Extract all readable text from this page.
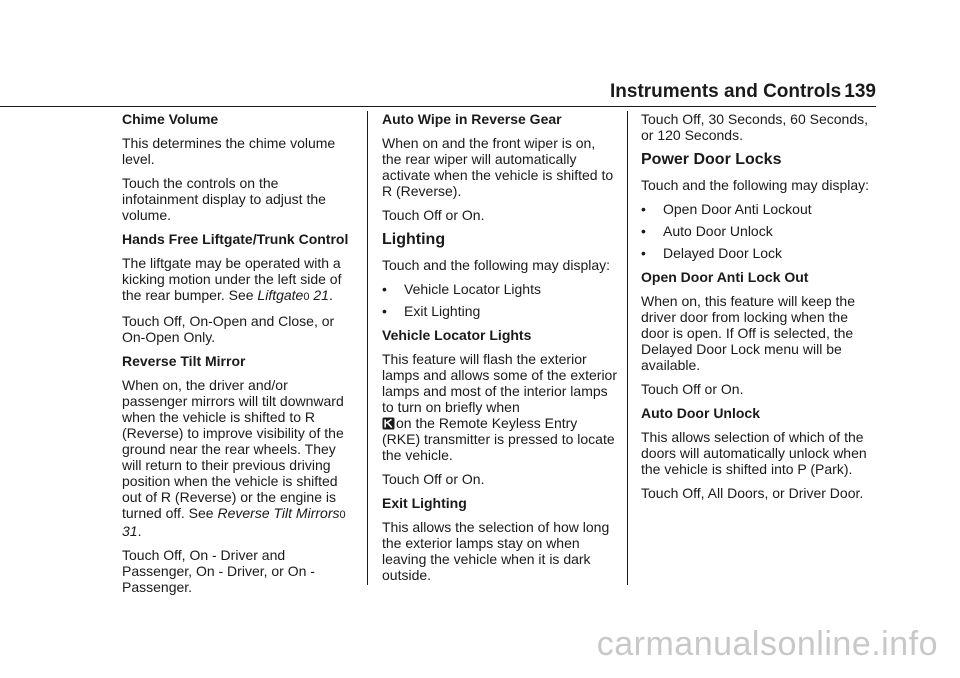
Instruments and Controls 139

Chime Volume

This determines the chime volume level.

Touch the controls on the infotainment display to adjust the volume.

Hands Free Liftgate/Trunk Control

The liftgate may be operated with a kicking motion under the left side of the rear bumper. See Liftgate0 21.

Touch Off, On-Open and Close, or On-Open Only.

Reverse Tilt Mirror

When on, the driver and/or passenger mirrors will tilt downward when the vehicle is shifted to R (Reverse) to improve visibility of the ground near the rear wheels. They will return to their previous driving position when the vehicle is shifted out of R (Reverse) or the engine is turned off. See Reverse Tilt Mirrors0 31.

Touch Off, On - Driver and Passenger, On - Driver, or On - Passenger.

Auto Wipe in Reverse Gear

When on and the front wiper is on, the rear wiper will automatically activate when the vehicle is shifted to R (Reverse).

Touch Off or On.

Lighting

Touch and the following may display:

•	Vehicle Locator Lights
•	Exit Lighting

Vehicle Locator Lights

This feature will flash the exterior lamps and allows some of the exterior lamps and most of the interior lamps to turn on briefly when
on the Remote Keyless Entry (RKE) transmitter is pressed to locate the vehicle.

Touch Off or On.

Exit Lighting

This allows the selection of how long the exterior lamps stay on when leaving the vehicle when it is dark outside.

Touch Off, 30 Seconds, 60 Seconds, or 120 Seconds.

Power Door Locks

Touch and the following may display:

•	Open Door Anti Lockout
•	Auto Door Unlock
•	Delayed Door Lock

Open Door Anti Lock Out

When on, this feature will keep the driver door from locking when the door is open. If Off is selected, the Delayed Door Lock menu will be available.

Touch Off or On.

Auto Door Unlock

This allows selection of which of the doors will automatically unlock when the vehicle is shifted into P (Park).

Touch Off, All Doors, or Driver Door.

carmanualsonline.info
